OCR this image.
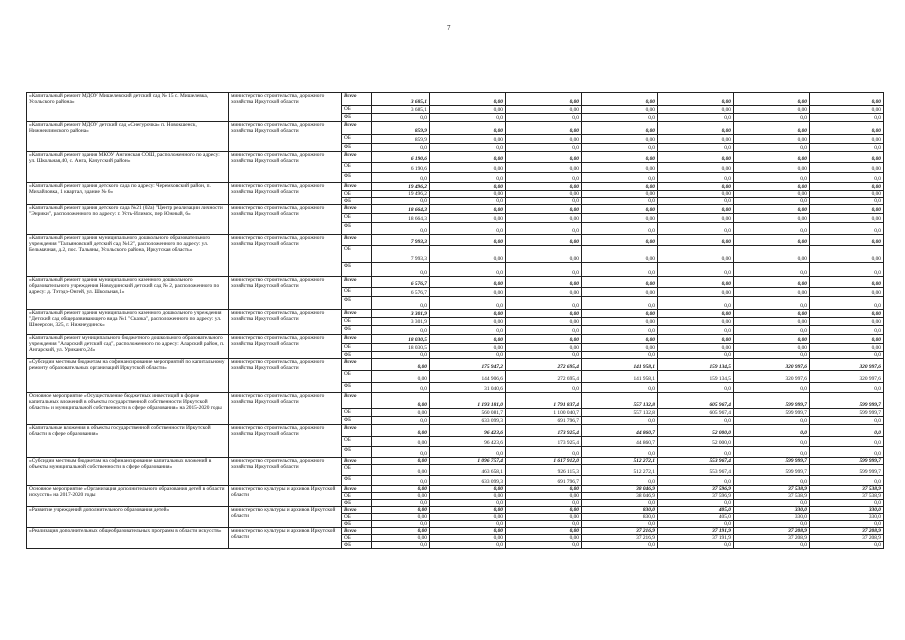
7
«Капитальный ремонт МДОУ Мишелевский детский сад № 15 с. Мишелевка, Усольского района»	министерство строительства, дорожного хозяйства Иркутской области	Всего	3 685,1	0,00	0,00	0,00	0,00	0,00	0,00
		ОБ	3 685,1	0,00	0,00	0,00	0,00	0,00	0,00
		ФБ	0,0	0,0	0,0	0,0	0,0	0,0	0,0
«Капитальный ремонт МДОУ детский сад «Снегурочка» п. Новокшенск, Нижнеилимского района»	министерство строительства, дорожного хозяйства Иркутской области	Всего	859,9	0,00	0,00	0,00	0,00	0,00	0,00
		ОБ	859,9	0,00	0,00	0,00	0,00	0,00	0,00
		ФБ	0,0	0,0	0,0	0,0	0,0	0,0	0,0
«Капитальный ремонт здания МКОУ Ангинская СОШ, расположенного по адресу: ул. Школьная,40, с. Анга, Качугский район»	министерство строительства, дорожного хозяйства Иркутской области	Всего	6 190,6	0,00	0,00	0,00	0,00	0,00	0,00
		ОБ	6 190,6	0,00	0,00	0,00	0,00	0,00	0,00
		ФБ	0,0	0,0	0,0	0,0	0,0	0,0	0,0
«Капитальный ремонт здания детского сада по адресу: Черемховский район, п. Михайловка, 1 квартал, здание № 6»	министерство строительства, дорожного хозяйства Иркутской области	Всего	19 496,2	0,00	0,00	0,00	0,00	0,00	0,00
		ОБ	19 496,2	0,00	0,00	0,00	0,00	0,00	0,00
		ФБ	0,0	0,0	0,0	0,0	0,0	0,0	0,0
«Капитальный ремонт здания детского сада №21 (02а) "Центр реализации личности "Энрики", расположенного по адресу: г. Усть-Илимск, пер Южный, 6»	министерство строительства, дорожного хозяйства Иркутской области	Всего	18 664,3	0,00	0,00	0,00	0,00	0,00	0,00
		ОБ	18 664,3	0,00	0,00	0,00	0,00	0,00	0,00
		ФБ	0,0	0,0	0,0	0,0	0,0	0,0	0,0
«Капитальный ремонт здания муниципального дошкольного образовательного учреждения "Тальяновский детский сад №12", расположенного по адресу: ул. Бельмачная, д.2, пос. Тальяны, Усольского района, Иркутская область»	министерство строительства, дорожного хозяйства Иркутской области	Всего	7 993,3	0,00	0,00	0,00	0,00	0,00	0,00
		ОБ	7 993,3	0,00	0,00	0,00	0,00	0,00	0,00
		ФБ	0,0	0,0	0,0	0,0	0,0	0,0	0,0
«Капитальный ремонт здания муниципального казенного дошкольного образовательного учреждения Новоудинский детский сад № 2, расположенного по адресу: д. Тэтэдэ-Онгей, ул. Школьная,1»	министерство строительства, дорожного хозяйства Иркутской области	Всего	6 576,7	0,00	0,00	0,00	0,00	0,00	0,00
		ОБ	6 576,7	0,00	0,00	0,00	0,00	0,00	0,00
		ФБ	0,0	0,0	0,0	0,0	0,0	0,0	0,0
«Капитальный ремонт здания муниципального казенного дошкольного учреждения "Детский сад общеразвивающего вида №1 "Сказка", расположенного по адресу: ул. Шнеерсон, 325, г. Нижнеудинск»	министерство строительства, дорожного хозяйства Иркутской области	Всего	3 301,9	0,00	0,00	0,00	0,00	0,00	0,00
		ОБ	3 301,9	0,00	0,00	0,00	0,00	0,00	0,00
		ФБ	0,0	0,0	0,0	0,0	0,0	0,0	0,0
«Капитальный ремонт муниципального бюджетного дошкольного образовательного учреждения "Аларский детский сад", расположенного по адресу: Аларский район, п. Ангарский, ул. Уриканго,24»	министерство строительства, дорожного хозяйства Иркутской области	Всего	18 030,5	0,00	0,00	0,00	0,00	0,00	0,00
		ОБ	18 030,5	0,00	0,00	0,00	0,00	0,00	0,00
		ФБ	0,0	0,0	0,0	0,0	0,0	0,0	0,0
«Субсидии местным бюджетам на софинансирование мероприятий по капитальному ремонту образовательных организаций Иркутской области»	министерство строительства, дорожного хозяйства Иркутской области	Всего	0,00	175 947,2	272 695,4	141 958,1	159 134,5	320 997,6	320 997,6
		ОБ	0,00	144 906,6	272 695,4	141 958,1	159 134,5	320 997,6	320 997,6
		ФБ	0,0	31 040,6	0,0	0,0	0,0	0,0	0,0
Основное мероприятие «Осуществление бюджетных инвестиций в форме капитальных вложений в объекты государственной собственности Иркутской области» и муниципальной собственности в сфере образования» на 2015-2020 годы	министерство строительства, дорожного хозяйства Иркутской области	Всего	0,00	1 193 181,0	1 791 837,4	557 132,8	605 967,4	599 999,7	599 999,7
		ОБ	0,00	560 081,7	1 100 040,7	557 132,8	605 967,4	599 999,7	599 999,7
		ФБ	0,0	633 099,3	691 796,7	0,0	0,0	0,0	0,0
«Капитальные вложения в объекты государственной собственности Иркутской области в сфере образования»	министерство строительства, дорожного хозяйства Иркутской области	Всего	0,00	96 423,6	173 925,4	44 860,7	52 000,0	0,0	0,0
		ОБ	0,00	96 423,6	173 925,4	44 860,7	52 000,0	0,0	0,0
		ФБ	0,0	0,0	0,0	0,0	0,0	0,0	0,0
«Субсидии местным бюджетам на софинансирование капитальных вложений в объекты муниципальной собственности в сфере образования»	министерство строительства, дорожного хозяйства Иркутской области	Всего	0,00	1 096 757,4	1 617 912,0	512 272,1	553 967,4	599 999,7	599 999,7
		ОБ	0,00	463 658,1	926 115,3	512 272,1	553 967,4	599 999,7	599 999,7
		ФБ	0,0	633 099,3	691 796,7	0,0	0,0	0,0	0,0
Основное мероприятие «Организация дополнительного образования детей в области искусств» на 2017-2020 годы	министерство культуры и архивов Иркутской области	Всего	0,00	0,00	0,00	38 046,9	37 596,9	37 538,9	37 538,9
		ОБ	0,00	0,00	0,00	38 046,9	37 596,9	37 538,9	37 538,9
		ФБ	0,0	0,0	0,0	0,0	0,0	0,0	0,0
«Развитие учреждений дополнительного образования детей»	министерство культуры и архивов Иркутской области	Всего	0,00	0,00	0,00	830,0	405,0	330,0	330,0
		ОБ	0,00	0,00	0,00	830,0	405,0	330,0	330,0
		ФБ	0,0	0,0	0,0	0,0	0,0	0,0	0,0
«Реализация дополнительных общеобразовательных программ в области искусств»	министерство культуры и архивов Иркутской области	Всего	0,00	0,00	0,00	37 216,9	37 191,9	37 208,9	37 208,9
		ОБ	0,00	0,00	0,00	37 216,9	37 191,9	37 208,9	37 208,9
		ФБ	0,0	0,0	0,0	0,0	0,0	0,0	0,0
